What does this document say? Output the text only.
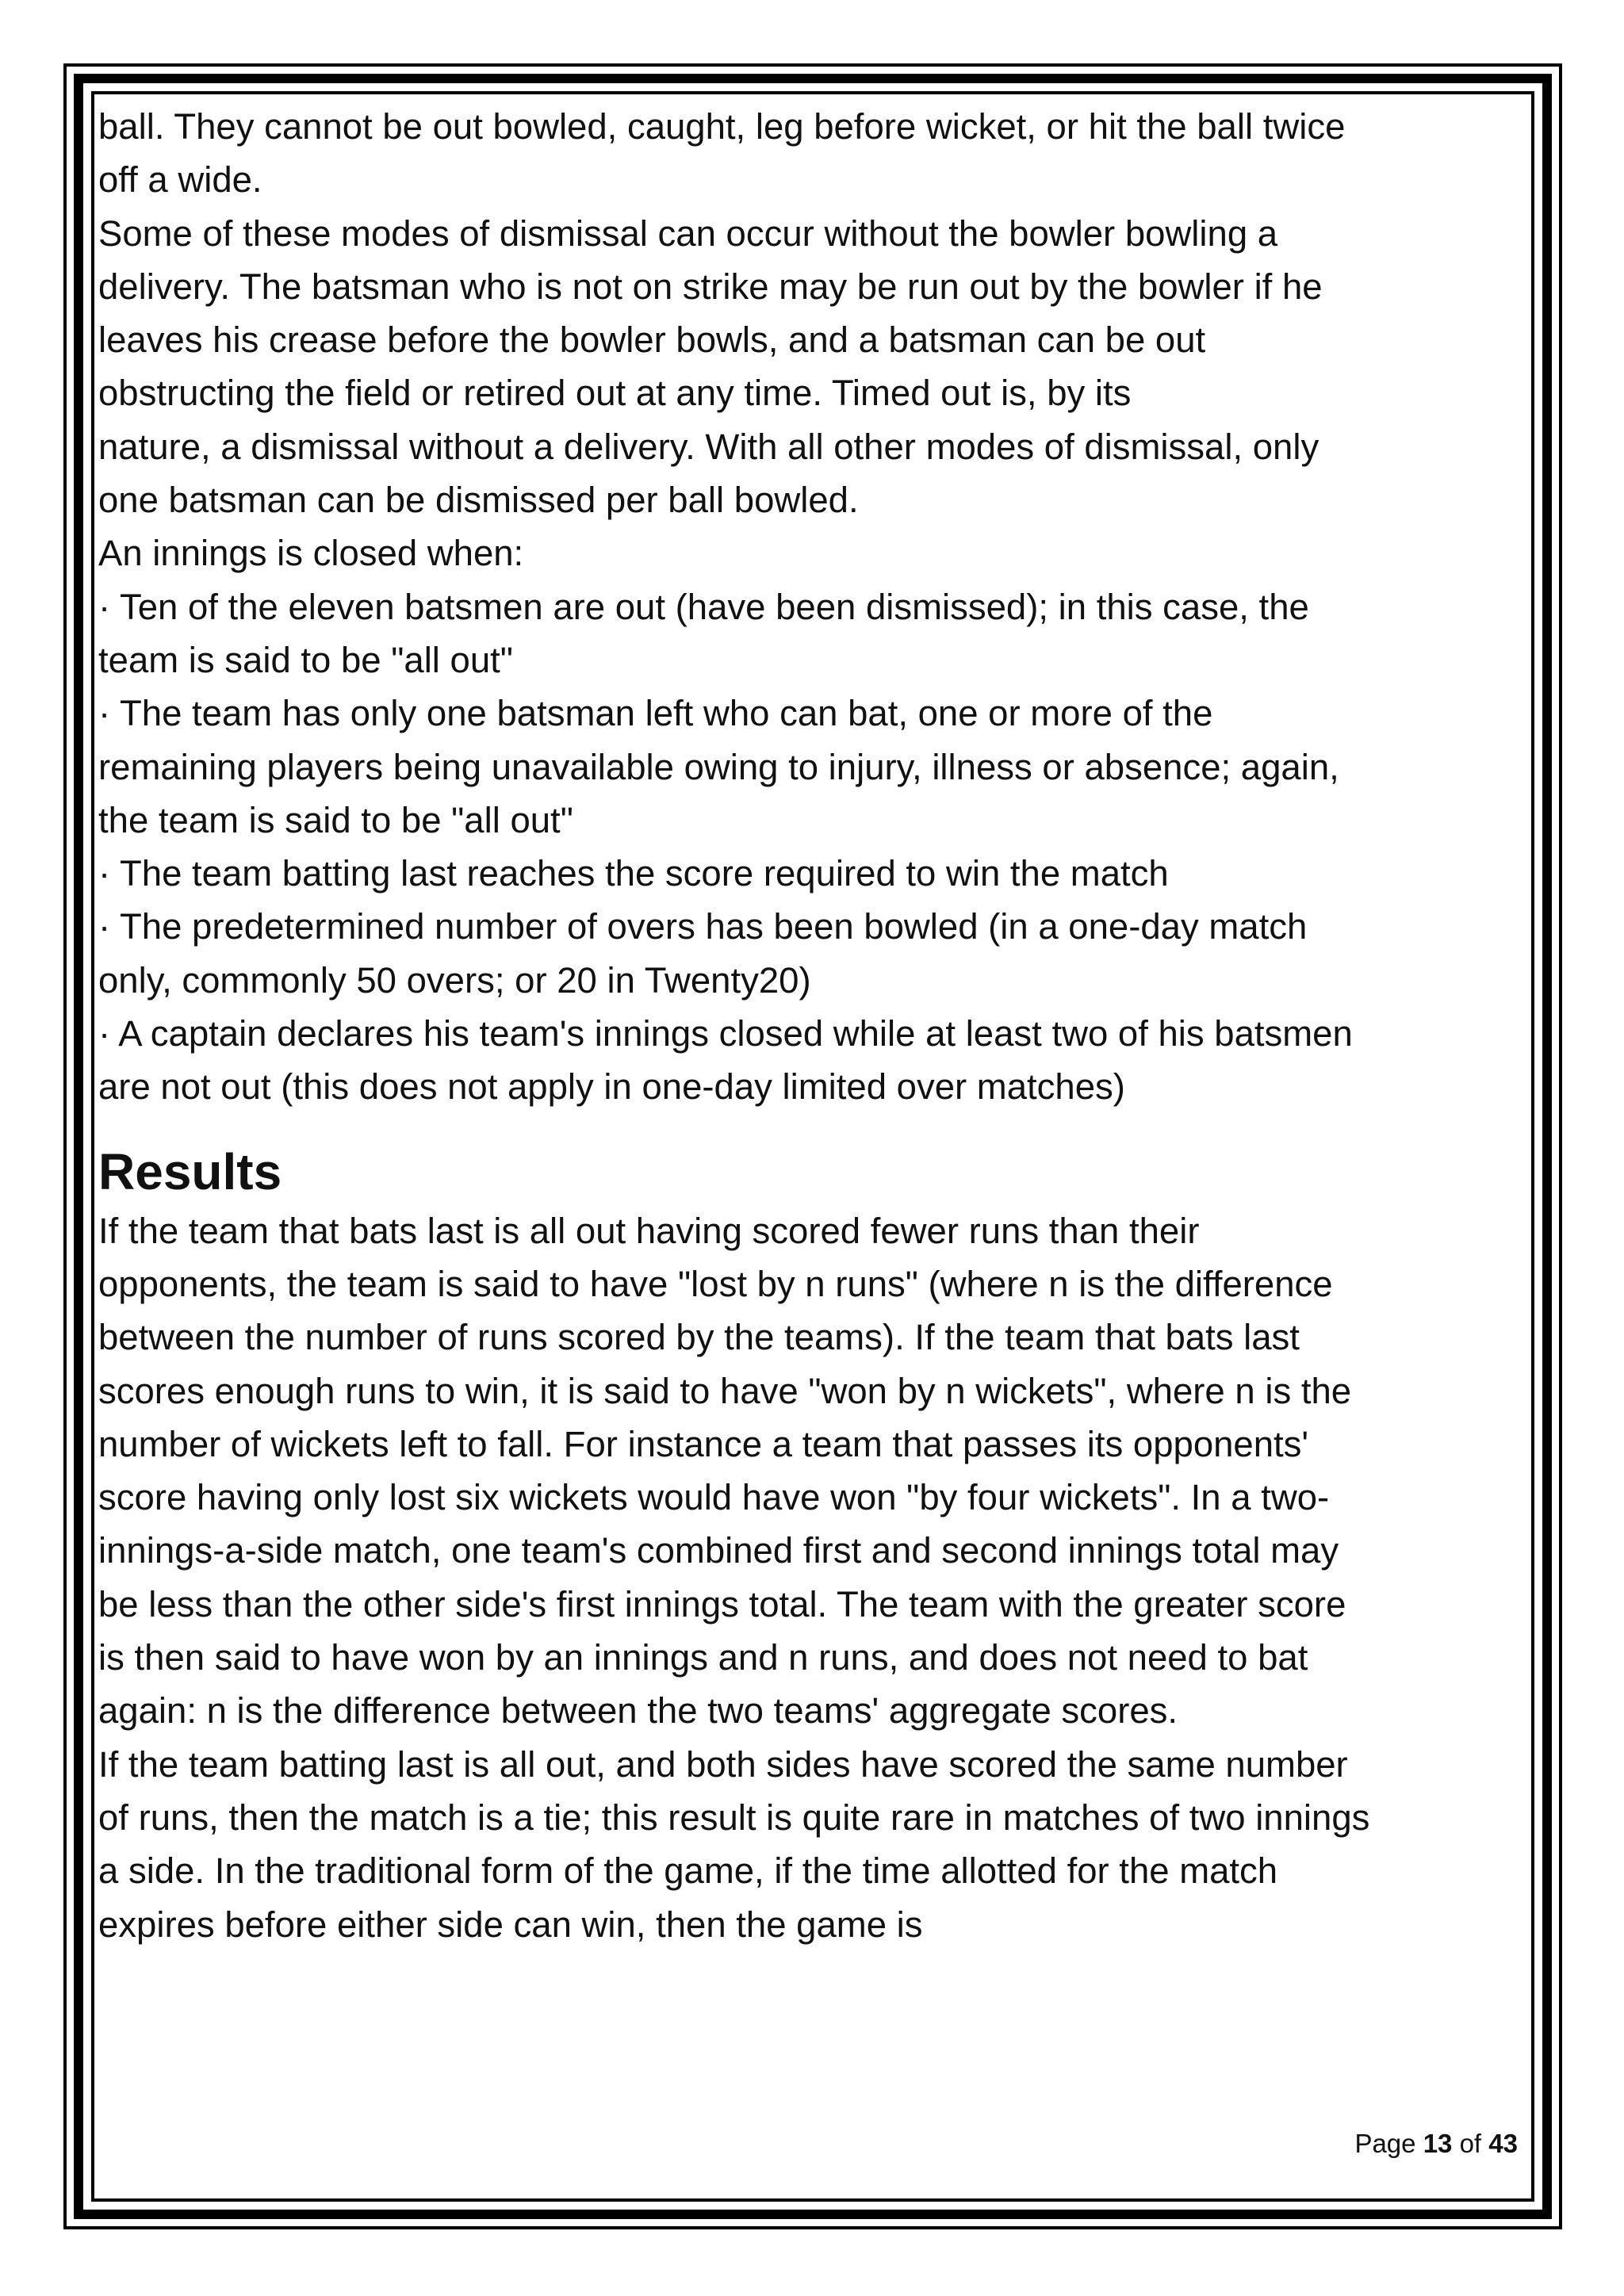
ball. They cannot be out bowled, caught, leg before wicket, or hit the ball twice

off a wide.

Some of these modes of dismissal can occur without the bowler bowling a

delivery. The batsman who is not on strike may be run out by the bowler if he

leaves his crease before the bowler bowls, and a batsman can be out

obstructing the field or retired out at any time. Timed out is, by its

nature, a dismissal without a delivery. With all other modes of dismissal, only

one batsman can be dismissed per ball bowled.

An innings is closed when:

· Ten of the eleven batsmen are out (have been dismissed); in this case, the

team is said to be "all out"

· The team has only one batsman left who can bat, one or more of the

remaining players being unavailable owing to injury, illness or absence; again,

the team is said to be "all out"

· The team batting last reaches the score required to win the match

· The predetermined number of overs has been bowled (in a one-day match

only, commonly 50 overs; or 20 in Twenty20)

· A captain declares his team's innings closed while at least two of his batsmen

are not out (this does not apply in one-day limited over matches)

Results

If the team that bats last is all out having scored fewer runs than their

opponents, the team is said to have "lost by n runs" (where n is the difference

between the number of runs scored by the teams). If the team that bats last

scores enough runs to win, it is said to have "won by n wickets", where n is the

number of wickets left to fall. For instance a team that passes its opponents'

score having only lost six wickets would have won "by four wickets". In a two-

innings-a-side match, one team's combined first and second innings total may

be less than the other side's first innings total. The team with the greater score

is then said to have won by an innings and n runs, and does not need to bat

again: n is the difference between the two teams' aggregate scores.

If the team batting last is all out, and both sides have scored the same number

of runs, then the match is a tie; this result is quite rare in matches of two innings

a side. In the traditional form of the game, if the time allotted for the match

expires before either side can win, then the game is

Page 13 of 43
